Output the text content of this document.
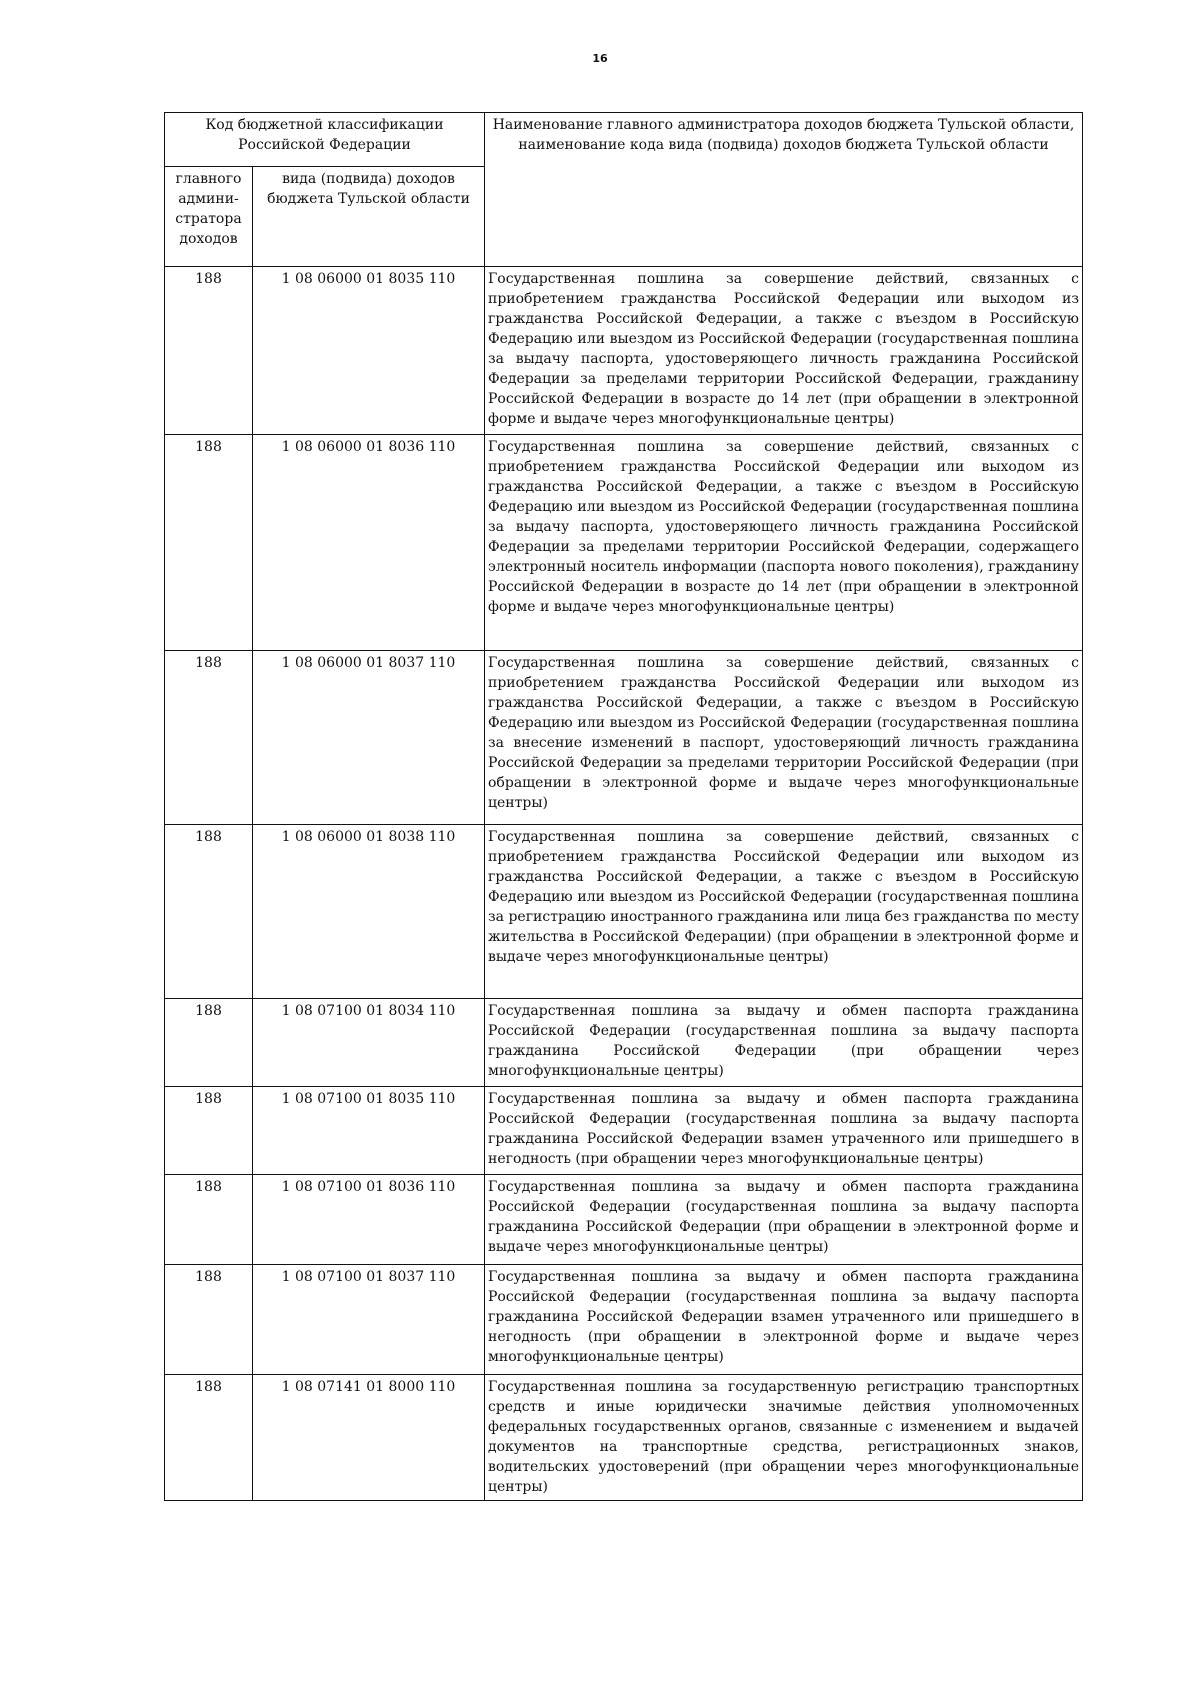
16
Код бюджетной классификации Российской Федерации		Наименование главного администратора доходов бюджета Тульской области, наименование кода вида (подвида) доходов бюджета Тульской области

главного админи-стратора доходов	вида (подвида) доходов бюджета Тульской области	

188	1 08 06000 01 8035 110	Государственная пошлина за совершение действий, связанных с приобретением гражданства Российской Федерации или выходом из гражданства Российской Федерации, а также с въездом в Российскую Федерацию или выездом из Российской Федерации (государственная пошлина за выдачу паспорта, удостоверяющего личность гражданина Российской Федерации за пределами территории Российской Федерации, гражданину Российской Федерации в возрасте до 14 лет (при обращении в электронной форме и выдаче через многофункциональные центры)
188	1 08 06000 01 8036 110	Государственная пошлина за совершение действий, связанных с приобретением гражданства Российской Федерации или выходом из гражданства Российской Федерации, а также с въездом в Российскую Федерацию или выездом из Российской Федерации (государственная пошлина за выдачу паспорта, удостоверяющего личность гражданина Российской Федерации за пределами территории Российской Федерации, содержащего электронный носитель информации (паспорта нового поколения), гражданину Российской Федерации в возрасте до 14 лет (при обращении в электронной форме и выдаче через многофункциональные центры)
188	1 08 06000 01 8037 110	Государственная пошлина за совершение действий, связанных с приобретением гражданства Российской Федерации или выходом из гражданства Российской Федерации, а также с въездом в Российскую Федерацию или выездом из Российской Федерации (государственная пошлина за внесение изменений в паспорт, удостоверяющий личность гражданина Российской Федерации за пределами территории Российской Федерации (при обращении в электронной форме и выдаче через многофункциональные центры)
188	1 08 06000 01 8038 110	Государственная пошлина за совершение действий, связанных с приобретением гражданства Российской Федерации или выходом из гражданства Российской Федерации, а также с въездом в Российскую Федерацию или выездом из Российской Федерации (государственная пошлина за регистрацию иностранного гражданина или лица без гражданства по месту жительства в Российской Федерации) (при обращении в электронной форме и выдаче через многофункциональные центры)
188	1 08 07100 01 8034 110	Государственная пошлина за выдачу и обмен паспорта гражданина Российской Федерации (государственная пошлина за выдачу паспорта гражданина Российской Федерации (при обращении через многофункциональные центры)
188	1 08 07100 01 8035 110	Государственная пошлина за выдачу и обмен паспорта гражданина Российской Федерации (государственная пошлина за выдачу паспорта гражданина Российской Федерации взамен утраченного или пришедшего в негодность (при обращении через многофункциональные центры)
188	1 08 07100 01 8036 110	Государственная пошлина за выдачу и обмен паспорта гражданина Российской Федерации (государственная пошлина за выдачу паспорта гражданина Российской Федерации (при обращении в электронной форме и выдаче через многофункциональные центры)
188	1 08 07100 01 8037 110	Государственная пошлина за выдачу и обмен паспорта гражданина Российской Федерации (государственная пошлина за выдачу паспорта гражданина Российской Федерации взамен утраченного или пришедшего в негодность (при обращении в электронной форме и выдаче через многофункциональные центры)
188	1 08 07141 01 8000 110	Государственная пошлина за государственную регистрацию транспортных средств и иные юридически значимые действия уполномоченных федеральных государственных органов, связанные с изменением и выдачей документов на транспортные средства, регистрационных знаков, водительских удостоверений (при обращении через многофункциональные центры)
